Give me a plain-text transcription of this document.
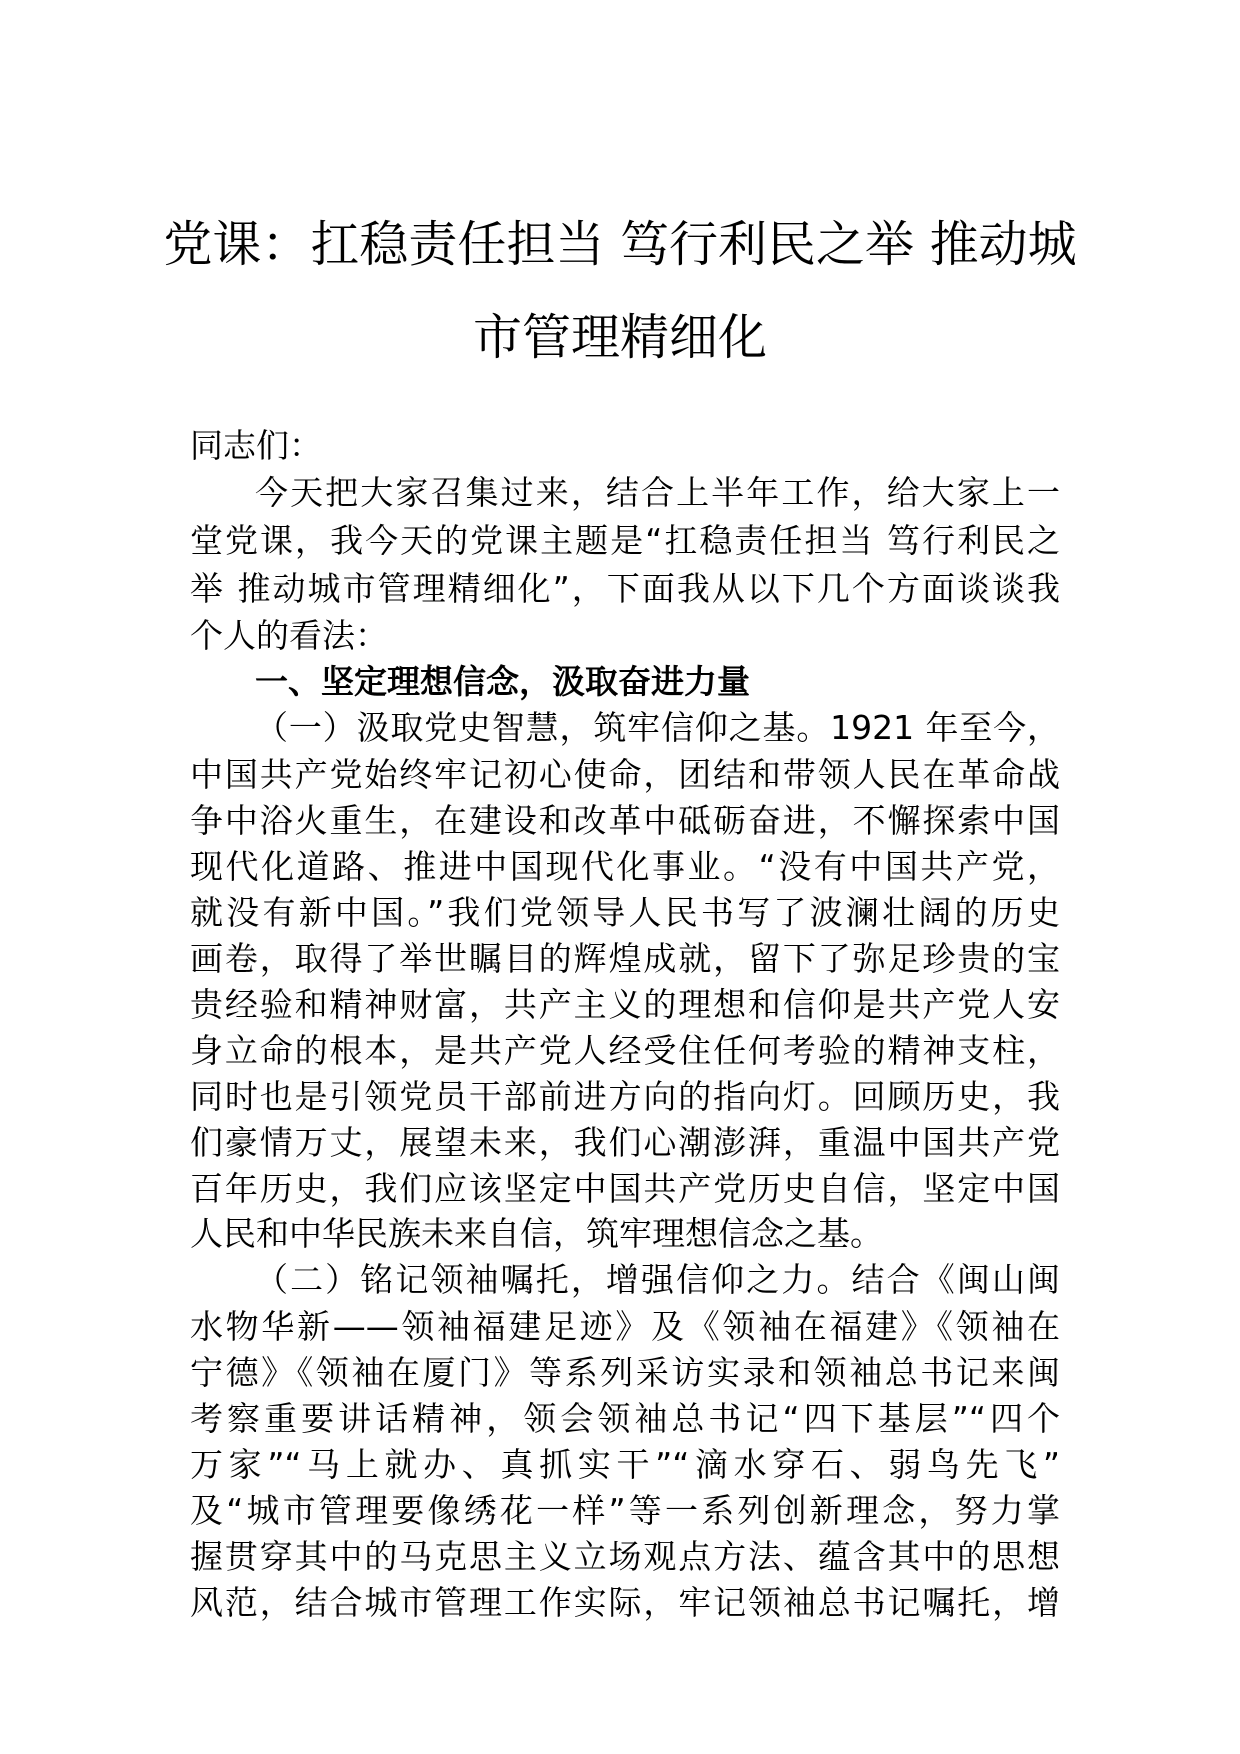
党课：扛稳责任担当 笃行利民之举 推动城
市管理精细化
同志们：
今天把大家召集过来，结合上半年工作，给大家上一
堂党课，我今天的党课主题是“扛稳责任担当 笃行利民之
举 推动城市管理精细化”，下面我从以下几个方面谈谈我
个人的看法：
一、坚定理想信念，汲取奋进力量
（一）汲取党史智慧，筑牢信仰之基。1921 年至今，
中国共产党始终牢记初心使命，团结和带领人民在革命战
争中浴火重生，在建设和改革中砥砺奋进，不懈探索中国
现代化道路、推进中国现代化事业。“没有中国共产党，
就没有新中国。”我们党领导人民书写了波澜壮阔的历史
画卷，取得了举世瞩目的辉煌成就，留下了弥足珍贵的宝
贵经验和精神财富，共产主义的理想和信仰是共产党人安
身立命的根本，是共产党人经受住任何考验的精神支柱，
同时也是引领党员干部前进方向的指向灯。回顾历史，我
们豪情万丈，展望未来，我们心潮澎湃，重温中国共产党
百年历史，我们应该坚定中国共产党历史自信，坚定中国
人民和中华民族未来自信，筑牢理想信念之基。
（二）铭记领袖嘱托，增强信仰之力。结合《闽山闽
水物华新——领袖福建足迹》及《领袖在福建》《领袖在
宁德》《领袖在厦门》等系列采访实录和领袖总书记来闽
考察重要讲话精神，领会领袖总书记“四下基层”“四个
万家”“马上就办、真抓实干”“滴水穿石、弱鸟先飞”
及“城市管理要像绣花一样”等一系列创新理念，努力掌
握贯穿其中的马克思主义立场观点方法、蕴含其中的思想
风范，结合城市管理工作实际，牢记领袖总书记嘱托，增
